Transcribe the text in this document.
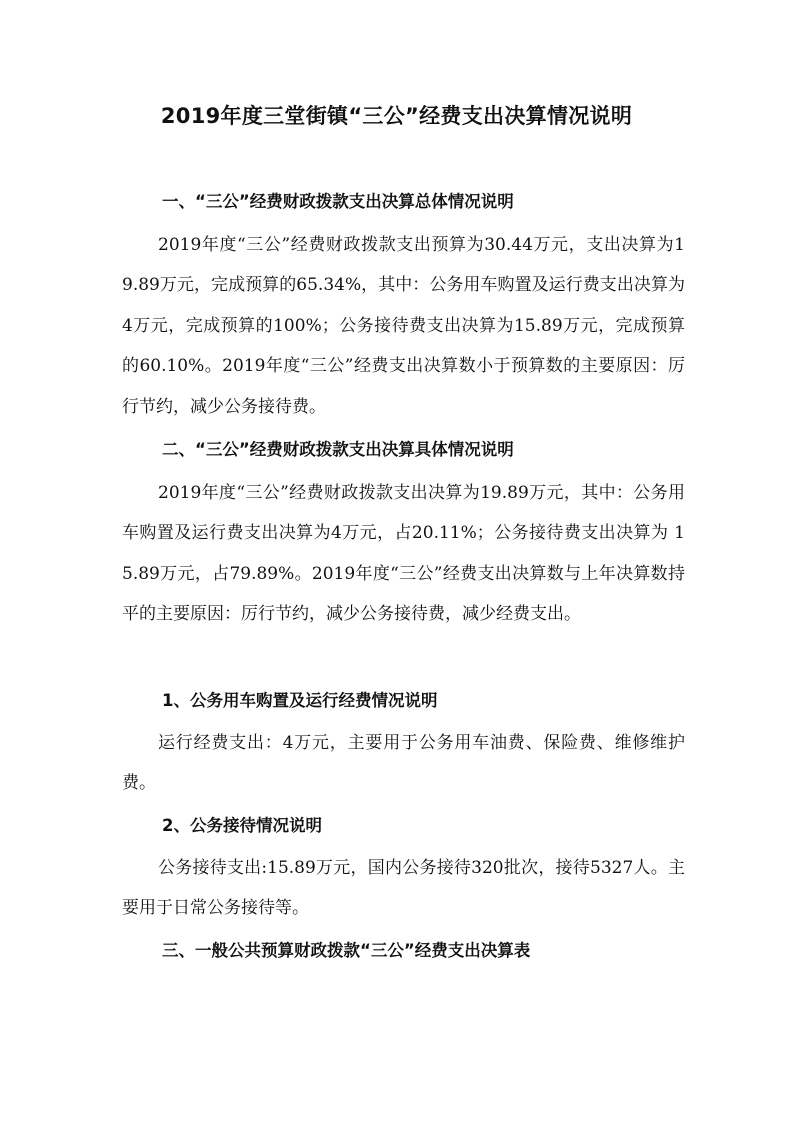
2019年度三堂街镇“三公”经费支出决算情况说明
一、“三公”经费财政拨款支出决算总体情况说明

2019年度“三公”经费财政拨款支出预算为30.44万元，支出决算为19.89万元，完成预算的65.34%，其中：公务用车购置及运行费支出决算为4万元，完成预算的100%；公务接待费支出决算为15.89万元，完成预算的60.10%。2019年度“三公”经费支出决算数小于预算数的主要原因：厉行节约，减少公务接待费。

二、“三公”经费财政拨款支出决算具体情况说明

2019年度“三公”经费财政拨款支出决算为19.89万元，其中：公务用车购置及运行费支出决算为4万元，占20.11%；公务接待费支出决算为 15.89万元，占79.89%。2019年度“三公”经费支出决算数与上年决算数持平的主要原因：厉行节约，减少公务接待费，减少经费支出。

1、公务用车购置及运行经费情况说明

运行经费支出：4万元，主要用于公务用车油费、保险费、维修维护费。

2、公务接待情况说明

公务接待支出:15.89万元，国内公务接待320批次，接待5327人。主要用于日常公务接待等。

三、一般公共预算财政拨款“三公”经费支出决算表
